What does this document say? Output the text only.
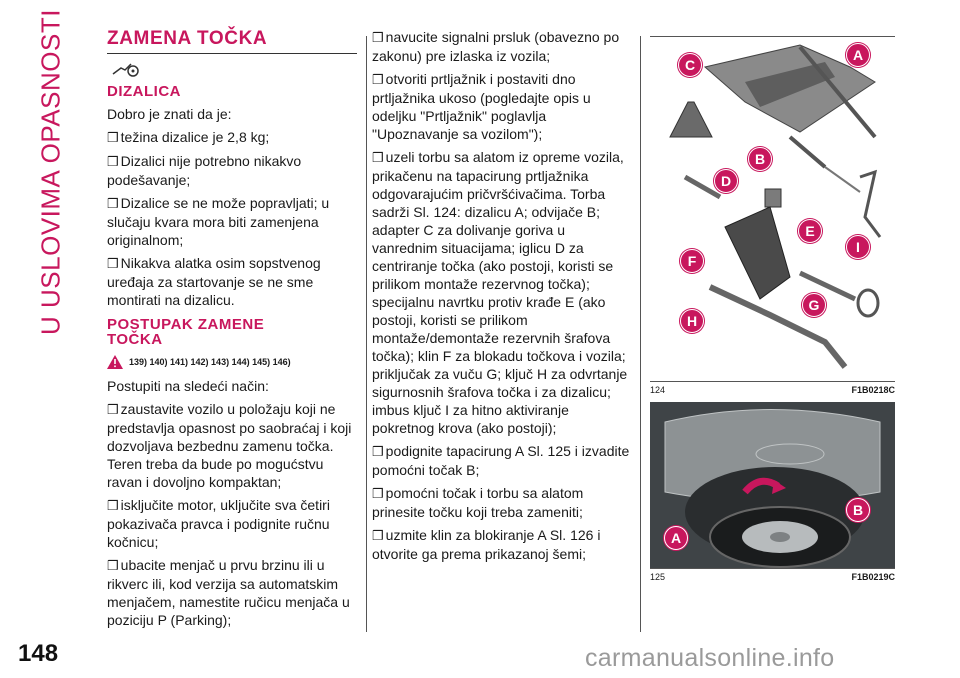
U USLOVIMA OPASNOSTI
148
ZAMENA TOČKA
DIZALICA

Dobro je znati da je:

❒ težina dizalice je 2,8 kg;

❒ Dizalici nije potrebno nikakvo podešavanje;

❒ Dizalice se ne može popravljati; u slučaju kvara mora biti zamenjena originalnom;

❒ Nikakva alatka osim sopstvenog uređaja za startovanje se ne sme montirati na dizalicu.

POSTUPAK ZAMENE
TOČKA
139) 140) 141) 142) 143) 144) 145) 146)

Postupiti na sledeći način:

❒ zaustavite vozilo u položaju koji ne predstavlja opasnost po saobraćaj i koji dozvoljava bezbednu zamenu točka. Teren treba da bude po mogućstvu ravan i dovoljno kompaktan;

❒ isključite motor, uključite sva četiri pokazivača pravca i podignite ručnu kočnicu;

❒ ubacite menjač u prvu brzinu ili u rikverc ili, kod verzija sa automatskim menjačem, namestite ručicu menjača u poziciju P (Parking);

❒ navucite signalni prsluk (obavezno po zakonu) pre izlaska iz vozila;

❒ otvoriti prtljažnik i postaviti dno prtljažnika ukoso (pogledajte opis u odeljku "Prtljažnik" poglavlja "Upoznavanje sa vozilom");

❒ uzeli torbu sa alatom iz opreme vozila, prikačenu na tapacirung prtljažnika odgovarajućim pričvršćivačima. Torba sadrži Sl. 124: dizalicu A; odvijače B; adapter C za dolivanje goriva u vanrednim situacijama; iglicu D za centriranje točka (ako postoji, koristi se prilikom montaže rezervnog točka); specijalnu navrtku protiv krađe E (ako postoji, koristi se prilikom montaže/demontaže rezervnih šrafova točka); klin F za blokadu točkova i vozila; priključak za vuču G; ključ H za odvrtanje sigurnosnih šrafova točka i za dizalicu; imbus ključ I za hitno aktiviranje pokretnog krova (ako postoji);

❒ podignite tapacirung A Sl. 125 i izvadite pomoćni točak B;

❒ pomoćni točak i torbu sa alatom prinesite točku koji treba zameniti;

❒ uzmite klin za blokiranje A Sl. 126 i otvorite ga prema prikazanoj šemi;

A
B
C
D
E
F
G
H
I
124	F1B0218C
B
A
125	F1B0219C
carmanualsonline.info
